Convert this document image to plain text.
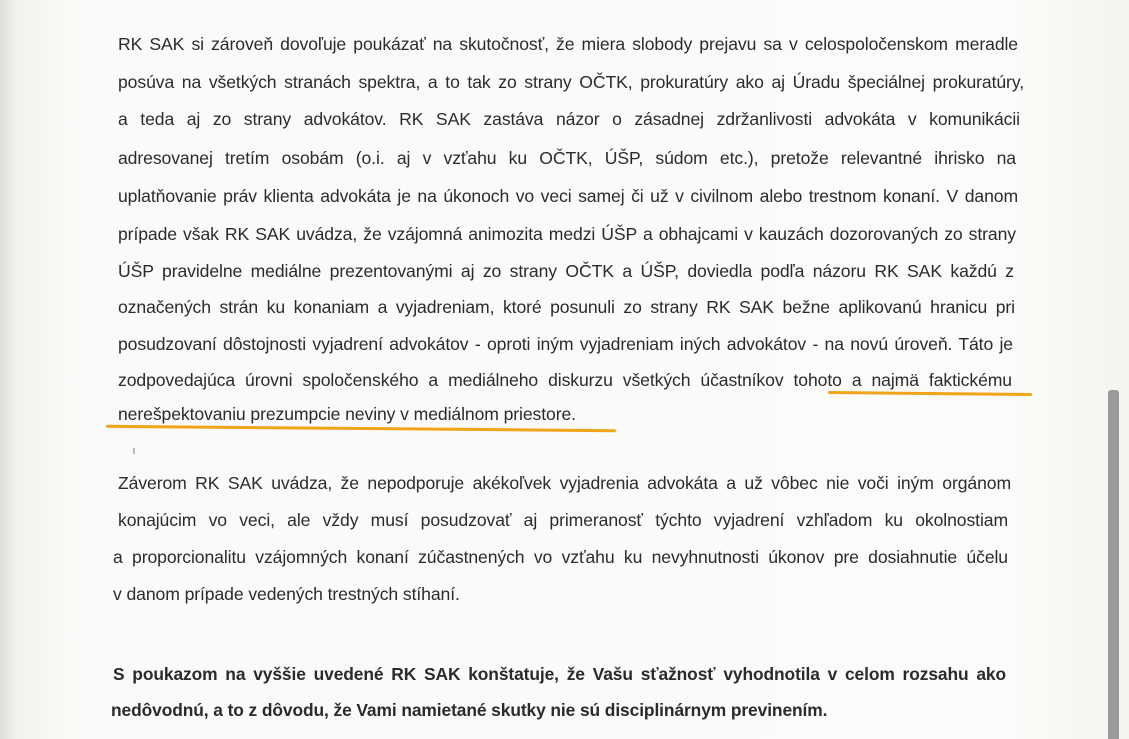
RK SAK si zároveň dovoľuje poukázať na skutočnosť, že miera slobody prejavu sa v celospoločenskom meradle
posúva na všetkých stranách spektra, a to tak zo strany OČTK, prokuratúry ako aj Úradu špeciálnej prokuratúry,
a teda aj zo strany advokátov. RK SAK zastáva názor o zásadnej zdržanlivosti advokáta v komunikácii
adresovanej tretím osobám (o.i. aj v vzťahu ku OČTK, ÚŠP, súdom etc.), pretože relevantné ihrisko na
uplatňovanie práv klienta advokáta je na úkonoch vo veci samej či už v civilnom alebo trestnom konaní. V danom
prípade však RK SAK uvádza, že vzájomná animozita medzi ÚŠP a obhajcami v kauzách dozorovaných zo strany
ÚŠP pravidelne mediálne prezentovanými aj zo strany OČTK a ÚŠP, doviedla podľa názoru RK SAK každú z
označených strán ku konaniam a vyjadreniam, ktoré posunuli zo strany RK SAK bežne aplikovanú hranicu pri
posudzovaní dôstojnosti vyjadrení advokátov - oproti iným vyjadreniam iných advokátov - na novú úroveň. Táto je
zodpovedajúca úrovni spoločenského a mediálneho diskurzu všetkých účastníkov tohoto a najmä faktickému
nerešpektovaniu prezumpcie neviny v mediálnom priestore.
Záverom RK SAK uvádza, že nepodporuje akékoľvek vyjadrenia advokáta a už vôbec nie voči iným orgánom
konajúcim vo veci, ale vždy musí posudzovať aj primeranosť týchto vyjadrení vzhľadom ku okolnostiam
a proporcionalitu vzájomných konaní zúčastnených vo vzťahu ku nevyhnutnosti úkonov pre dosiahnutie účelu
v danom prípade vedených trestných stíhaní.
S poukazom na vyššie uvedené RK SAK konštatuje, že Vašu sťažnosť vyhodnotila v celom rozsahu ako
nedôvodnú, a to z dôvodu, že Vami namietané skutky nie sú disciplinárnym previnením.
